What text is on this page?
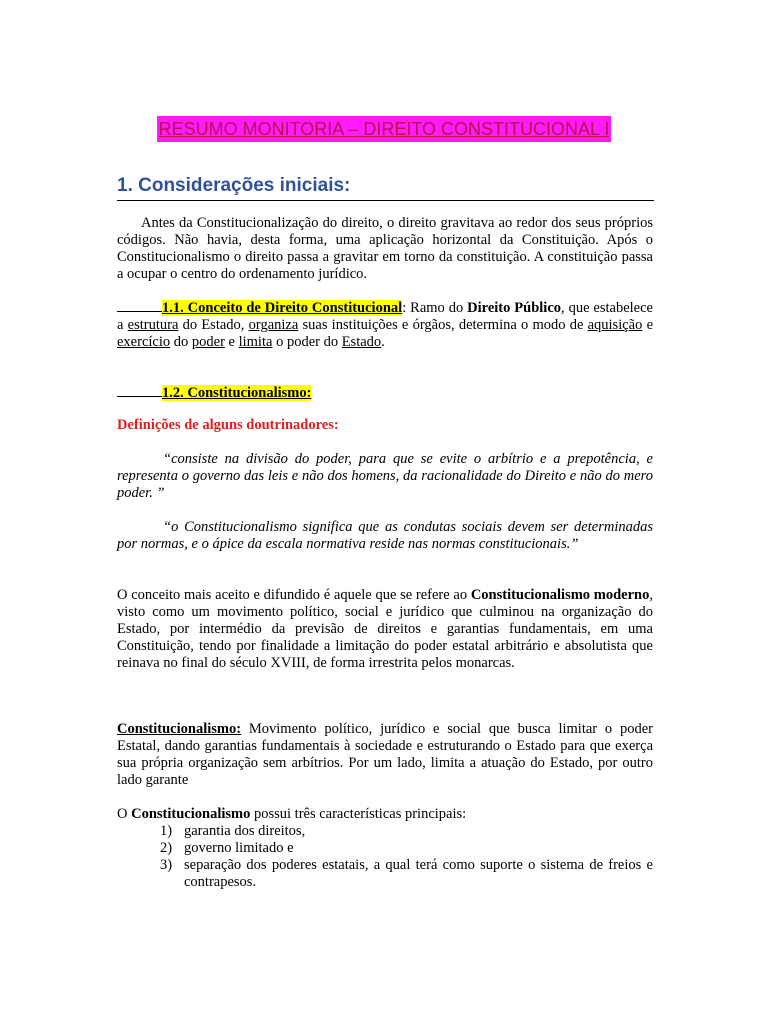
RESUMO MONITORIA – DIREITO CONSTITUCIONAL I
1. Considerações iniciais:
Antes da Constitucionalização do direito, o direito gravitava ao redor dos seus próprios códigos. Não havia, desta forma, uma aplicação horizontal da Constituição. Após o Constitucionalismo o direito passa a gravitar em torno da constituição. A constituição passa a ocupar o centro do ordenamento jurídico.
1.1. Conceito de Direito Constitucional: Ramo do Direito Público, que estabelece a estrutura do Estado, organiza suas instituições e órgãos, determina o modo de aquisição e exercício do poder e limita o poder do Estado.
1.2. Constitucionalismo:
Definições de alguns doutrinadores:
“consiste na divisão do poder, para que se evite o arbítrio e a prepotência, e representa o governo das leis e não dos homens, da racionalidade do Direito e não do mero poder. ”
“o Constitucionalismo significa que as condutas sociais devem ser determinadas por normas, e o ápice da escala normativa reside nas normas constitucionais.”
O conceito mais aceito e difundido é aquele que se refere ao Constitucionalismo moderno, visto como um movimento político, social e jurídico que culminou na organização do Estado, por intermédio da previsão de direitos e garantias fundamentais, em uma Constituição, tendo por finalidade a limitação do poder estatal arbitrário e absolutista que reinava no final do século XVIII, de forma irrestrita pelos monarcas.
Constitucionalismo: Movimento político, jurídico e social que busca limitar o poder Estatal, dando garantias fundamentais à sociedade e estruturando o Estado para que exerça sua própria organização sem arbítrios. Por um lado, limita a atuação do Estado, por outro lado garante
O Constitucionalismo possui três características principais:
1) garantia dos direitos,
2) governo limitado e
3) separação dos poderes estatais, a qual terá como suporte o sistema de freios e contrapesos.
